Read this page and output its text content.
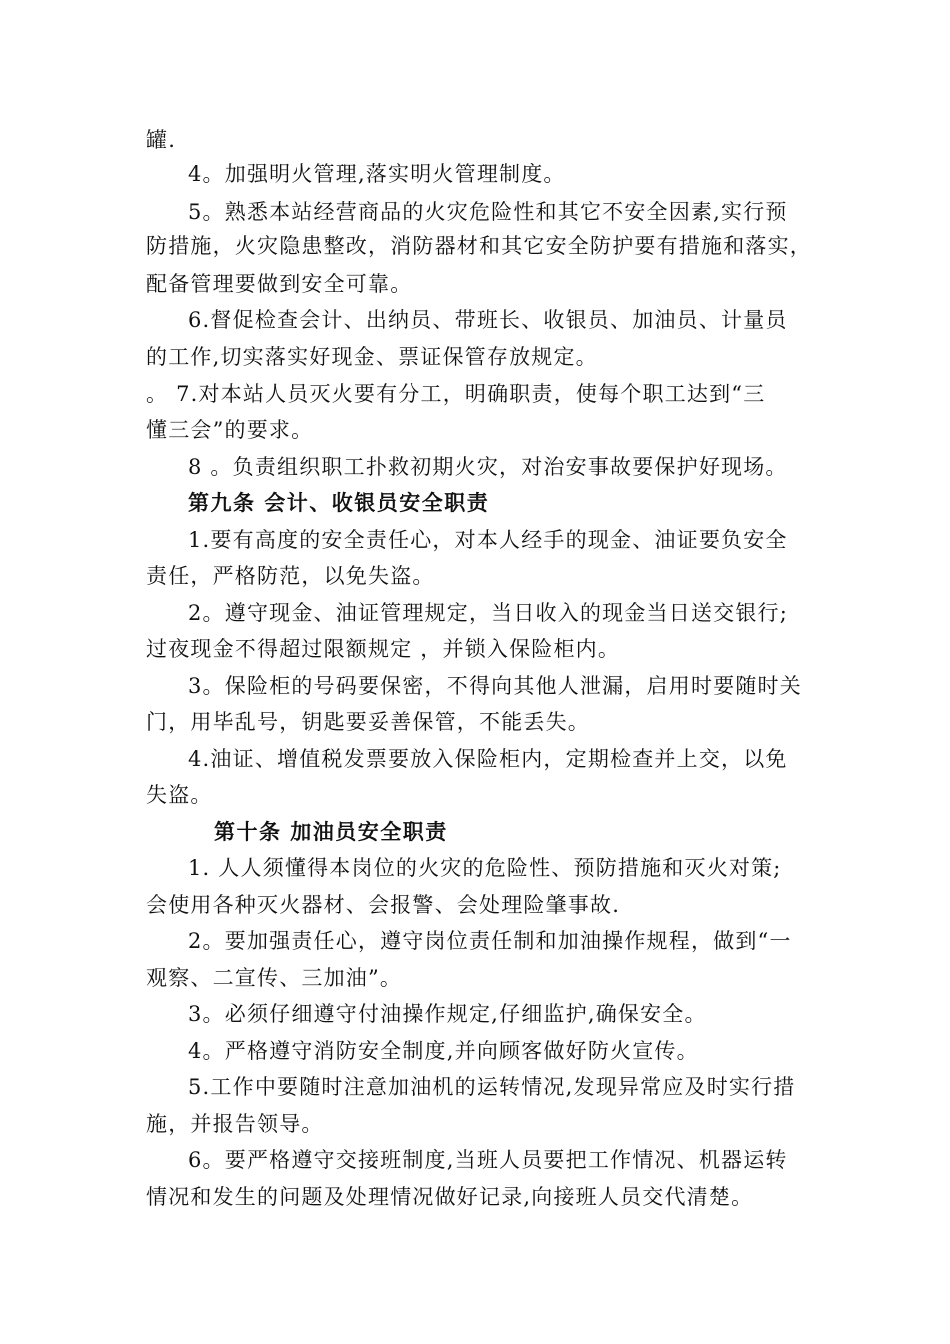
罐.
4。加强明火管理,落实明火管理制度。
5。熟悉本站经营商品的火灾危险性和其它不安全因素,实行预
防措施，火灾隐患整改，消防器材和其它安全防护要有措施和落实，
配备管理要做到安全可靠。
6.督促检查会计、出纳员、带班长、收银员、加油员、计量员
的工作,切实落实好现金、票证保管存放规定。
。 7.对本站人员灭火要有分工，明确职责，使每个职工达到“三
懂三会”的要求。
8 。负责组织职工扑救初期火灾，对治安事故要保护好现场。
第九条 会计、收银员安全职责
1.要有高度的安全责任心，对本人经手的现金、油证要负安全
责任，严格防范，以免失盗。
2。遵守现金、油证管理规定，当日收入的现金当日送交银行;
过夜现金不得超过限额规定 ，并锁入保险柜内。
3。保险柜的号码要保密，不得向其他人泄漏，启用时要随时关
门，用毕乱号，钥匙要妥善保管，不能丢失。
4.油证、增值税发票要放入保险柜内，定期检查并上交，以免
失盗。
第十条 加油员安全职责
1. 人人须懂得本岗位的火灾的危险性、预防措施和灭火对策;
会使用各种灭火器材、会报警、会处理险肇事故.
2。要加强责任心，遵守岗位责任制和加油操作规程，做到“一
观察、二宣传、三加油”。
3。必须仔细遵守付油操作规定,仔细监护,确保安全。
4。严格遵守消防安全制度,并向顾客做好防火宣传。
5.工作中要随时注意加油机的运转情况,发现异常应及时实行措
施，并报告领导。
6。要严格遵守交接班制度,当班人员要把工作情况、机器运转
情况和发生的问题及处理情况做好记录,向接班人员交代清楚。
